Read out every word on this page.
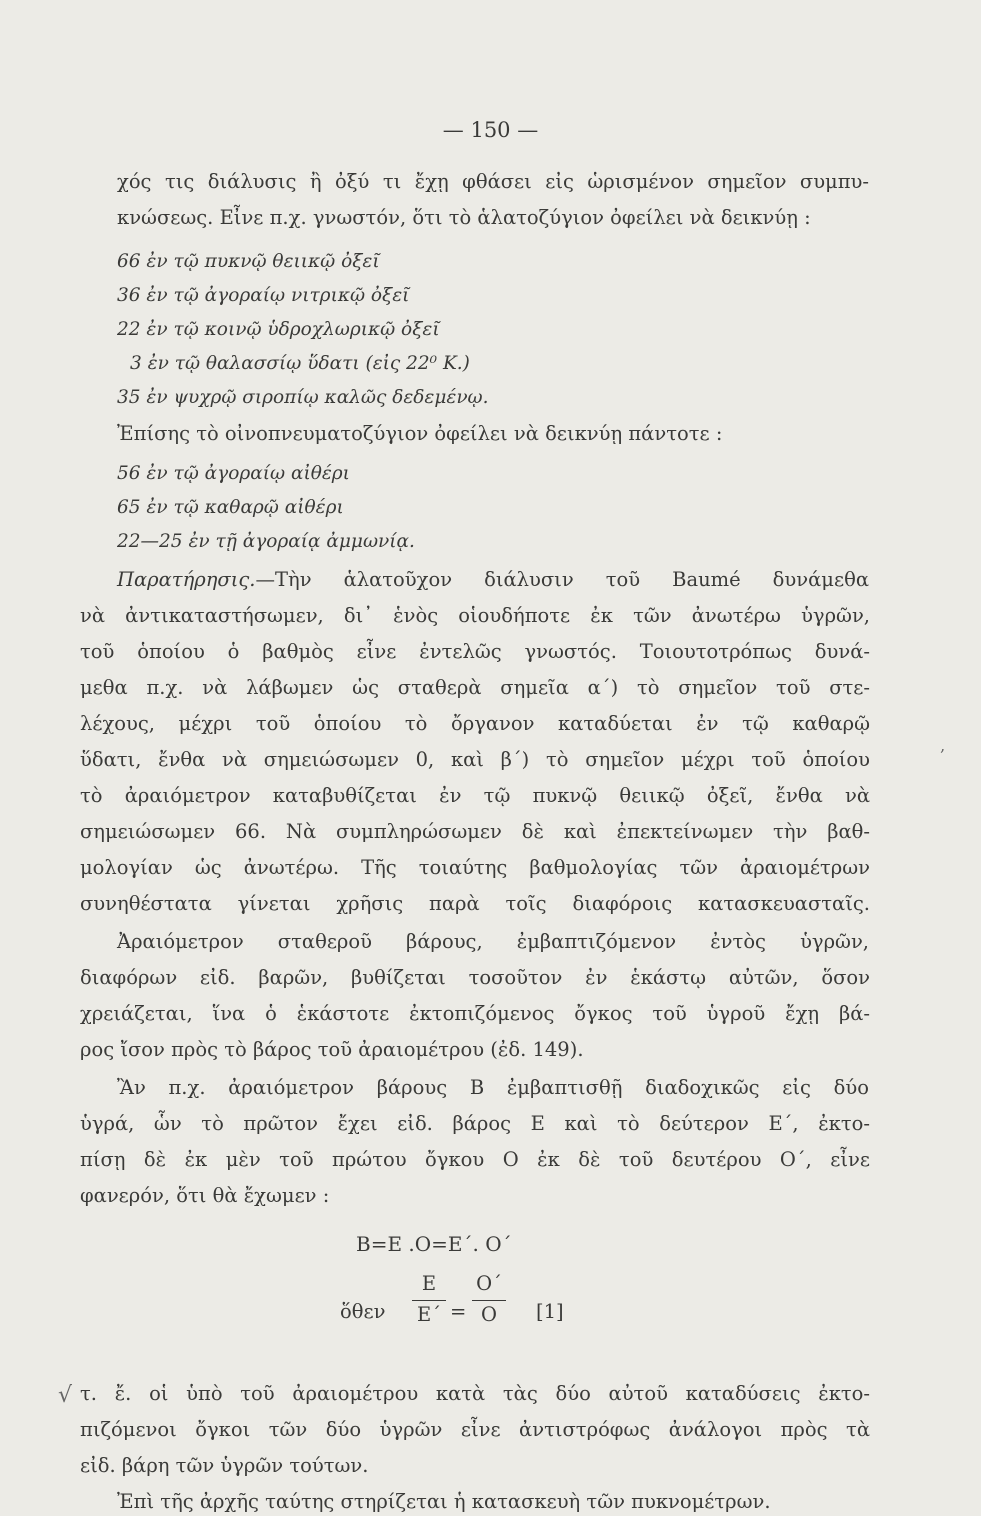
— 150 —
χός τις διάλυσις ἢ ὀξύ τι ἔχῃ φθάσει εἰς ὡρισμένον σημεῖον συμπυ-
κνώσεως. Εἶνε π.χ. γνωστόν, ὅτι τὸ ἁλατοζύγιον ὀφείλει νὰ δεικνύῃ :
66 ἐν τῷ πυκνῷ θειικῷ ὀξεῖ
36 ἐν τῷ ἀγοραίῳ νιτρικῷ ὀξεῖ
22 ἐν τῷ κοινῷ ὑδροχλωρικῷ ὀξεῖ
3 ἐν τῷ θαλασσίῳ ὕδατι (εἰς 22⁰ Κ.)
35 ἐν ψυχρῷ σιροπίῳ καλῶς δεδεμένῳ.
Ἐπίσης τὸ οἰνοπνευματοζύγιον ὀφείλει νὰ δεικνύῃ πάντοτε :
56 ἐν τῷ ἀγοραίῳ αἰθέρι
65 ἐν τῷ καθαρῷ αἰθέρι
22—25 ἐν τῇ ἀγοραίᾳ ἀμμωνίᾳ.
Παρατήρησις. —Τὴν ἁλατοῦχον διάλυσιν τοῦ Baumé δυνάμεθα
νὰ ἀντικαταστήσωμεν, δι᾽ ἑνὸς οἱουδήποτε ἐκ τῶν ἀνωτέρω ὑγρῶν,
τοῦ ὁποίου ὁ βαθμὸς εἶνε ἐντελῶς γνωστός. Τοιουτοτρόπως δυνά-
μεθα π.χ. νὰ λάβωμεν ὡς σταθερὰ σημεῖα α΄) τὸ σημεῖον τοῦ στε-
λέχους, μέχρι τοῦ ὁποίου τὸ ὄργανον καταδύεται ἐν τῷ καθαρῷ
ὕδατι, ἔνθα νὰ σημειώσωμεν 0, καὶ β΄) τὸ σημεῖον μέχρι τοῦ ὁποίου
τὸ ἀραιόμετρον καταβυθίζεται ἐν τῷ πυκνῷ θειικῷ ὀξεῖ, ἔνθα νὰ
σημειώσωμεν 66. Νὰ συμπληρώσωμεν δὲ καὶ ἐπεκτείνωμεν τὴν βαθ-
μολογίαν ὡς ἀνωτέρω. Τῆς τοιαύτης βαθμολογίας τῶν ἀραιομέτρων
συνηθέστατα γίνεται χρῆσις παρὰ τοῖς διαφόροις κατασκευασταῖς.
Ἀραιόμετρον σταθεροῦ βάρους, ἐμβαπτιζόμενον ἐντὸς ὑγρῶν,
διαφόρων εἰδ. βαρῶν, βυθίζεται τοσοῦτον ἐν ἑκάστῳ αὐτῶν, ὅσον
χρειάζεται, ἵνα ὁ ἑκάστοτε ἐκτοπιζόμενος ὄγκος τοῦ ὑγροῦ ἔχῃ βά-
ρος ἴσον πρὸς τὸ βάρος τοῦ ἀραιομέτρου (ἐδ. 149).
Ἂν π.χ. ἀραιόμετρον βάρους Β ἐμβαπτισθῇ διαδοχικῶς εἰς δύο
ὑγρά, ὧν τὸ πρῶτον ἔχει εἰδ. βάρος Ε καὶ τὸ δεύτερον Ε΄, ἐκτο-
πίσῃ δὲ ἐκ μὲν τοῦ πρώτου ὄγκου Ο ἐκ δὲ τοῦ δευτέρου Ο΄, εἶνε
φανερόν, ὅτι θὰ ἔχωμεν :
Β=Ε .Ο=Ε΄. Ο΄
ὅθεν
Ε
Ε΄ =
Ο΄
Ο	[1]
τ. ἔ. οἱ ὑπὸ τοῦ ἀραιομέτρου κατὰ τὰς δύο αὐτοῦ καταδύσεις ἐκτο-
πιζόμενοι ὄγκοι τῶν δύο ὑγρῶν εἶνε ἀντιστρόφως ἀνάλογοι πρὸς τὰ
εἰδ. βάρη τῶν ὑγρῶν τούτων.
Ἐπὶ τῆς ἀρχῆς ταύτης στηρίζεται ἡ κατασκευὴ τῶν πυκνομέτρων.
√
‚
